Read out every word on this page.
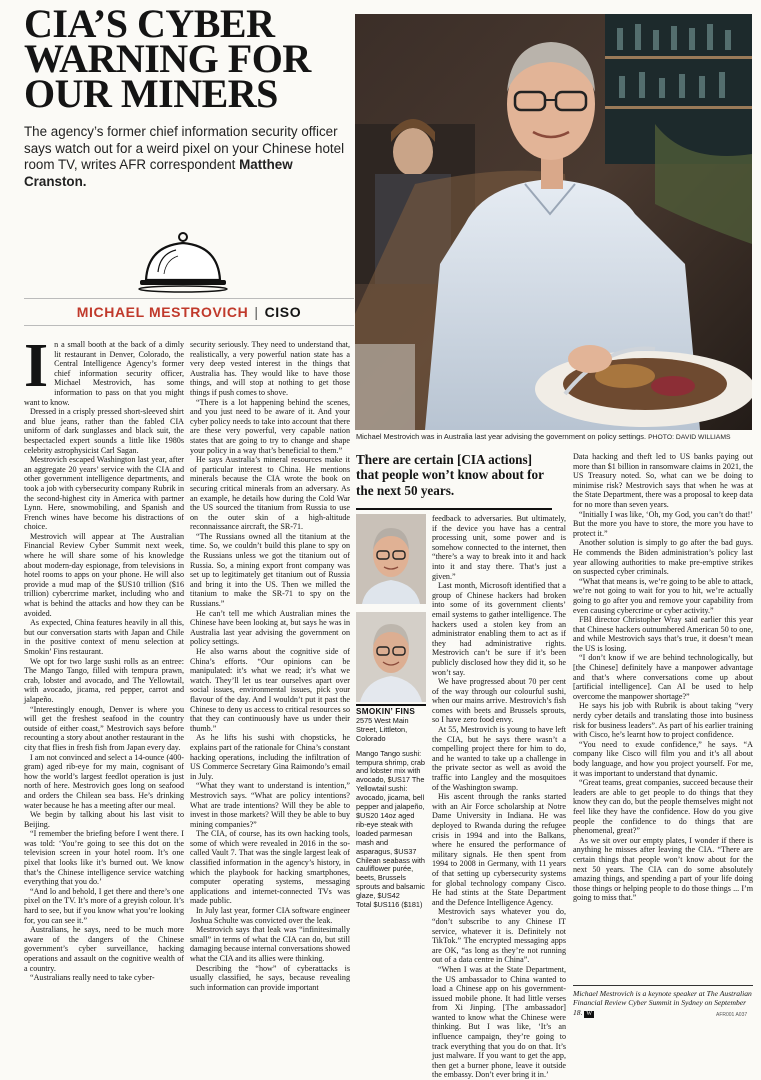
CIA’S CYBER
WARNING FOR
OUR MINERS

The agency’s former chief information security officer says watch out for a weird pixel on your Chinese hotel room TV, writes AFR correspondent Matthew Cranston.

MICHAEL MESTROVICH | CISO

In a small booth at the back of a dimly lit restaurant in Denver, Colorado, the Central Intelligence Agency’s former chief information security officer, Michael Mestrovich, has some information to pass on that you might want to know.

Dressed in a crisply pressed short-sleeved shirt and blue jeans, rather than the fabled CIA uniform of dark sunglasses and black suit, the bespectacled expert sounds a little like 1980s celebrity astrophysicist Carl Sagan.

Mestrovich escaped Washington last year, after an aggregate 20 years’ service with the CIA and other government intelligence departments, and took a job with cybersecurity company Rubrik in the second-highest city in America with partner Lynn. Here, snowmobiling, and Spanish and French wines have become his distractions of choice.

Mestrovich will appear at The Australian Financial Review Cyber Summit next week, where he will share some of his knowledge about modern-day espionage, from televisions in hotel rooms to apps on your phone. He will also provide a mud map of the $US10 trillion ($16 trillion) cybercrime market, including who and what is behind the attacks and how they can be avoided.

As expected, China features heavily in all this, but our conversation starts with Japan and Chile in the positive context of menu selection at Smokin’ Fins restaurant.

We opt for two large sushi rolls as an entree: The Mango Tango, filled with tempura prawn, crab, lobster and avocado, and The Yellowtail, with avocado, jicama, red pepper, carrot and jalapeño.

“Interestingly enough, Denver is where you will get the freshest seafood in the country outside of either coast,” Mestrovich says before recounting a story about another restaurant in the city that flies in fresh fish from Japan every day.

I am not convinced and select a 14-ounce (400-gram) aged rib-eye for my main, cognisant of how the world’s largest feedlot operation is just north of here. Mestrovich goes long on seafood and orders the Chilean sea bass. He’s drinking water because he has a meeting after our meal.

We begin by talking about his last visit to Beijing.

“I remember the briefing before I went there. I was told: ‘You’re going to see this dot on the television screen in your hotel room. It’s one pixel that looks like it’s burned out. We know that’s the Chinese intelligence service watching everything that you do.’

“And lo and behold, I get there and there’s one pixel on the TV. It’s more of a greyish colour. It’s hard to see, but if you know what you’re looking for, you can see it.”

Australians, he says, need to be much more aware of the dangers of the Chinese government’s cyber surveillance, hacking operations and assault on the cognitive wealth of a country.

“Australians really need to take cyber-

security seriously. They need to understand that, realistically, a very powerful nation state has a very deep vested interest in the things that Australia has. They would like to have those things, and will stop at nothing to get those things if push comes to shove.

“There is a lot happening behind the scenes, and you just need to be aware of it. And your cyber policy needs to take into account that there are these very powerful, very capable nation states that are going to try to change and shape your policy in a way that’s beneficial to them.”

He says Australia’s mineral resources make it of particular interest to China. He mentions minerals because the CIA wrote the book on securing critical minerals from an adversary. As an example, he details how during the Cold War the US sourced the titanium from Russia to use on the outer skin of a high-altitude reconnaissance aircraft, the SR-71.

“The Russians owned all the titanium at the time. So, we couldn’t build this plane to spy on the Russians unless we got the titanium out of Russia. So, a mining export front company was set up to legitimately get titanium out of Russia and bring it into the US. Then we milled the titanium to make the SR-71 to spy on the Russians.”

He can’t tell me which Australian mines the Chinese have been looking at, but says he was in Australia last year advising the government on policy settings.

He also warns about the cognitive side of China’s efforts. “Our opinions can be manipulated: it’s what we read; it’s what we watch. They’ll let us tear ourselves apart over social issues, environmental issues, pick your flavour of the day. And I wouldn’t put it past the Chinese to deny us access to critical resources so that they can continuously have us under their thumb.”

As he lifts his sushi with chopsticks, he explains part of the rationale for China’s constant hacking operations, including the infiltration of US Commerce Secretary Gina Raimondo’s email in July.

“What they want to understand is intention,” Mestrovich says. “What are policy intentions? What are trade intentions? Will they be able to invest in those markets? Will they be able to buy mining companies?”

The CIA, of course, has its own hacking tools, some of which were revealed in 2016 in the so-called Vault 7. That was the single largest leak of classified information in the agency’s history, in which the playbook for hacking smartphones, computer operating systems, messaging applications and internet-connected TVs was made public.

In July last year, former CIA software engineer Joshua Schulte was convicted over the leak.

Mestrovich says that leak was “infinitesimally small” in terms of what the CIA can do, but still damaging because internal conversations showed what the CIA and its allies were thinking.

Describing the “how” of cyberattacks is usually classified, he says, because revealing such information can provide important

Michael Mestrovich was in Australia last year advising the government on policy settings. PHOTO: DAVID WILLIAMS
There are certain [CIA actions] that people won’t know about for the next 50 years.
SMOKIN’ FINS

2575 West Main Street, Littleton, Colorado

Mango Tango sushi: tempura shrimp, crab and lobster mix with avocado, $US17 The Yellowtail sushi: avocado, jicama, bell pepper and jalapeño, $US20 14oz aged rib-eye steak with loaded parmesan mash and asparagus, $US37 Chilean seabass with cauliflower purée, beets, Brussels sprouts and balsamic glaze, $US42

Total $US116 ($181)

feedback to adversaries. But ultimately, if the device you have has a central processing unit, some power and is somehow connected to the internet, then “there’s a way to break into it and hack into it and stay there. That’s just a given.”

Last month, Microsoft identified that a group of Chinese hackers had broken into some of its government clients’ email systems to gather intelligence. The hackers used a stolen key from an administrator enabling them to act as if they had administrative rights. Mestrovich can’t be sure if it’s been publicly disclosed how they did it, so he won’t say.

We have progressed about 70 per cent of the way through our colourful sushi, when our mains arrive. Mestrovich’s fish comes with beets and Brussels sprouts, so I have zero food envy.

At 55, Mestrovich is young to have left the CIA, but he says there wasn’t a compelling project there for him to do, and he wanted to take up a challenge in the private sector as well as avoid the traffic into Langley and the mosquitoes of the Washington swamp.

His ascent through the ranks started with an Air Force scholarship at Notre Dame University in Indiana. He was deployed to Rwanda during the refugee crisis in 1994 and into the Balkans, where he ensured the performance of military signals. He then spent from 1994 to 2008 in Germany, with 11 years of that setting up cybersecurity systems for global technology company Cisco. He had stints at the State Department and the Defence Intelligence Agency.

Mestrovich says whatever you do, “don’t subscribe to any Chinese IT service, whatever it is. Definitely not TikTok.” The encrypted messaging apps are OK, “as long as they’re not running out of a data centre in China”.

“When I was at the State Department, the US ambassador to China wanted to load a Chinese app on his government-issued mobile phone. It had little verses from Xi Jinping. [The ambassador] wanted to know what the Chinese were thinking. But I was like, ‘It’s an influence campaign, they’re going to track everything that you do on that. It’s just malware. If you want to get the app, then get a burner phone, leave it outside the embassy. Don’t ever bring it in.’

Data hacking and theft led to US banks paying out more than $1 billion in ransomware claims in 2021, the US Treasury noted. So, what can we be doing to minimise risk? Mestrovich says that when he was at the State Department, there was a proposal to keep data for no more than seven years.

“Initially I was like, ‘Oh, my God, you can’t do that!’ But the more you have to store, the more you have to protect it.”

Another solution is simply to go after the bad guys. He commends the Biden administration’s policy last year allowing authorities to make pre-emptive strikes on suspected cyber criminals.

“What that means is, we’re going to be able to attack, we’re not going to wait for you to hit, we’re actually going to go after you and remove your capability from even causing cybercrime or cyber activity.”

FBI director Christopher Wray said earlier this year that Chinese hackers outnumbered American 50 to one, and while Mestrovich says that’s true, it doesn’t mean the US is losing.

“I don’t know if we are behind technologically, but [the Chinese] definitely have a manpower advantage and that’s where conversations come up about [artificial intelligence]. Can AI be used to help overcome the manpower shortage?”

He says his job with Rubrik is about taking “very nerdy cyber details and translating those into business risk for business leaders”. As part of his earlier training with Cisco, he’s learnt how to project confidence.

“You need to exude confidence,” he says. “A company like Cisco will film you and it’s all about body language, and how you project yourself. For me, it was important to understand that dynamic.

“Great teams, great companies, succeed because their leaders are able to get people to do things that they know they can do, but the people themselves might not feel like they have the confidence. How do you give people the confidence to do things that are phenomenal, great?”

As we sit over our empty plates, I wonder if there is anything he misses after leaving the CIA. “There are certain things that people won’t know about for the next 50 years. The CIA can do some absolutely amazing things, and spending a part of your life doing those things or helping people to do those things ... I’m going to miss that.”

Michael Mestrovich is a keynote speaker at The Australian Financial Review Cyber Summit in Sydney on September 18. W	AFR001 A037
